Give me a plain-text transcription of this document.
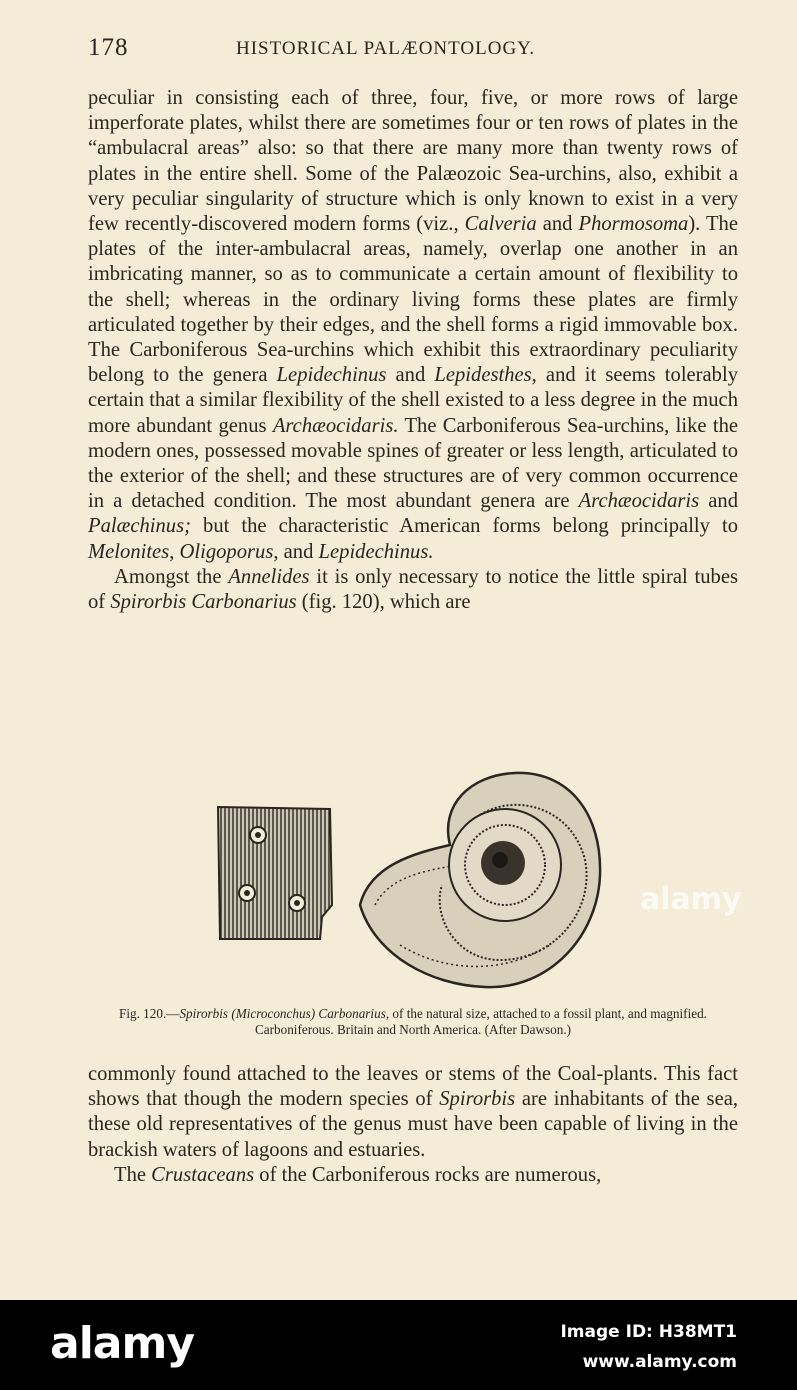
178	HISTORICAL PALÆONTOLOGY.

peculiar in consisting each of three, four, five, or more rows of large imperforate plates, whilst there are sometimes four or ten rows of plates in the “ambulacral areas” also: so that there are many more than twenty rows of plates in the entire shell. Some of the Palæozoic Sea-urchins, also, exhibit a very peculiar singularity of structure which is only known to exist in a very few recently-discovered modern forms (viz., Calveria and Phormosoma). The plates of the inter-ambulacral areas, namely, overlap one another in an imbricating manner, so as to communicate a certain amount of flexibility to the shell; whereas in the ordinary living forms these plates are firmly articulated together by their edges, and the shell forms a rigid immovable box. The Carboniferous Sea-urchins which exhibit this extraordinary peculiarity belong to the genera Lepidechinus and Lepidesthes, and it seems tolerably certain that a similar flexibility of the shell existed to a less degree in the much more abundant genus Archæocidaris. The Carboniferous Sea-urchins, like the modern ones, possessed movable spines of greater or less length, articulated to the exterior of the shell; and these structures are of very common occurrence in a detached condition. The most abundant genera are Archæocidaris and Palæchinus; but the characteristic American forms belong principally to Melonites, Oligoporus, and Lepidechinus.

Amongst the Annelides it is only necessary to notice the little spiral tubes of Spirorbis Carbonarius (fig. 120), which are

Fig. 120.—Spirorbis (Microconchus) Carbonarius, of the natural size, attached to a fossil plant, and magnified. Carboniferous. Britain and North America. (After Dawson.)

commonly found attached to the leaves or stems of the Coal-plants. This fact shows that though the modern species of Spirorbis are inhabitants of the sea, these old representatives of the genus must have been capable of living in the brackish waters of lagoons and estuaries.

The Crustaceans of the Carboniferous rocks are numerous,

alamy
alamy	Image ID: H38MT1
www.alamy.com
